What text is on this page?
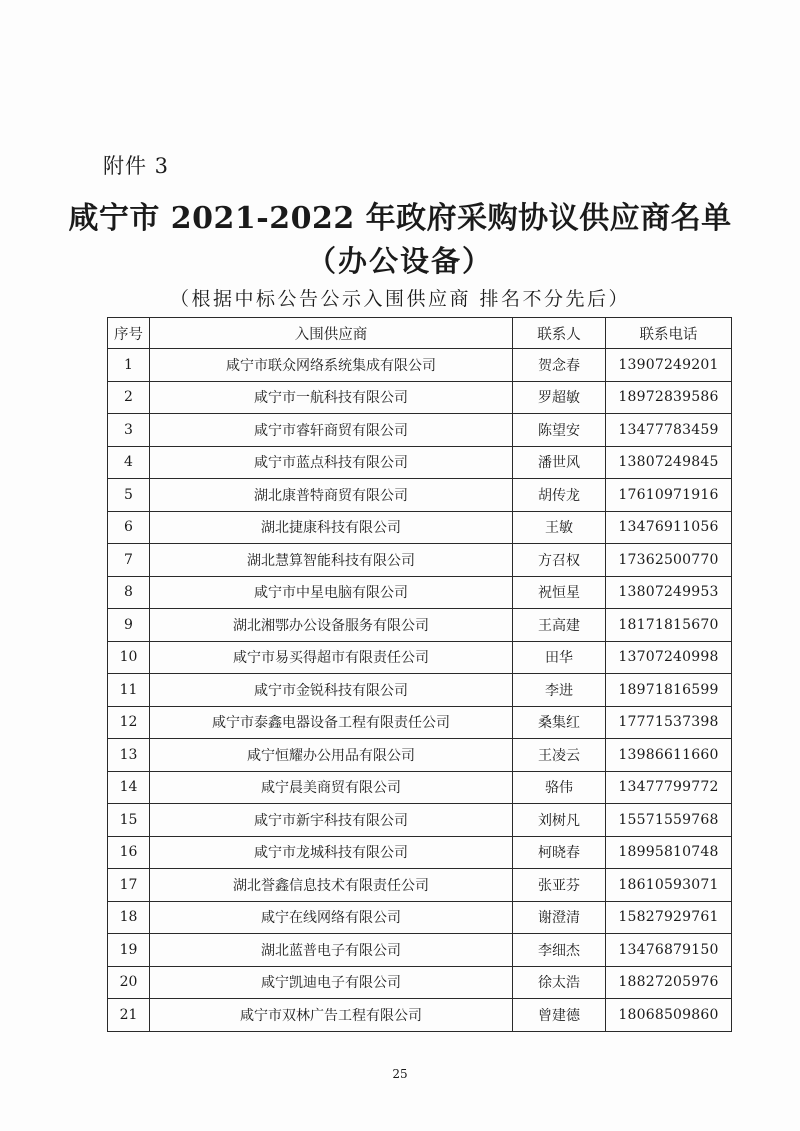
附件 3
咸宁市 2021-2022 年政府采购协议供应商名单
（办公设备）
（根据中标公告公示入围供应商 排名不分先后）
序号	入围供应商	联系人	联系电话
1	咸宁市联众网络系统集成有限公司	贺念春	13907249201
2	咸宁市一航科技有限公司	罗超敏	18972839586
3	咸宁市睿轩商贸有限公司	陈望安	13477783459
4	咸宁市蓝点科技有限公司	潘世风	13807249845
5	湖北康普特商贸有限公司	胡传龙	17610971916
6	湖北捷康科技有限公司	王敏	13476911056
7	湖北慧算智能科技有限公司	方召权	17362500770
8	咸宁市中星电脑有限公司	祝恒星	13807249953
9	湖北湘鄂办公设备服务有限公司	王高建	18171815670
10	咸宁市易买得超市有限责任公司	田华	13707240998
11	咸宁市金锐科技有限公司	李进	18971816599
12	咸宁市泰鑫电器设备工程有限责任公司	桑集红	17771537398
13	咸宁恒耀办公用品有限公司	王凌云	13986611660
14	咸宁晨美商贸有限公司	骆伟	13477799772
15	咸宁市新宇科技有限公司	刘树凡	15571559768
16	咸宁市龙城科技有限公司	柯晓春	18995810748
17	湖北誉鑫信息技术有限责任公司	张亚芬	18610593071
18	咸宁在线网络有限公司	谢澄清	15827929761
19	湖北蓝普电子有限公司	李细杰	13476879150
20	咸宁凯迪电子有限公司	徐太浩	18827205976
21	咸宁市双林广告工程有限公司	曾建德	18068509860
25
